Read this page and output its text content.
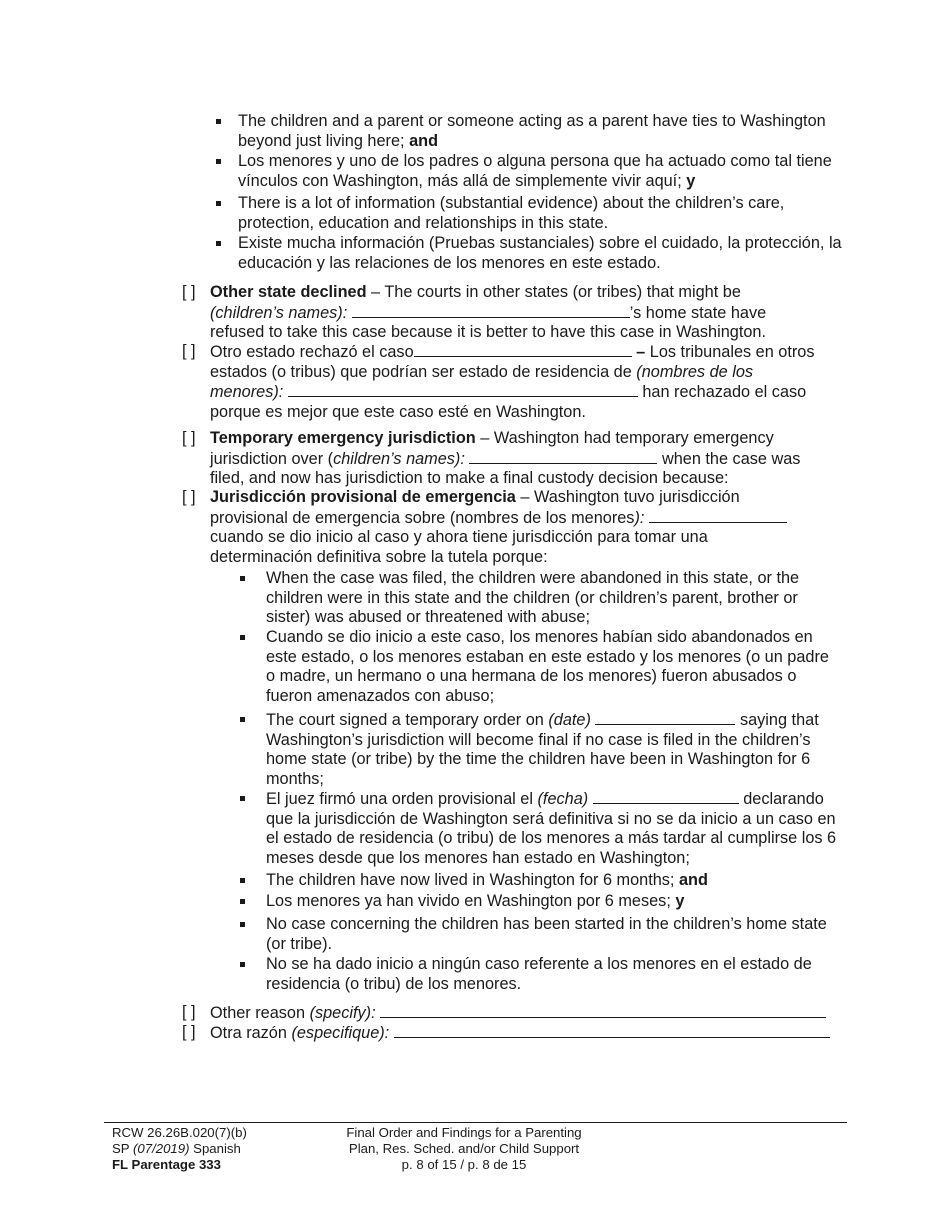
The children and a parent or someone acting as a parent have ties to Washington beyond just living here; and
Los menores y uno de los padres o alguna persona que ha actuado como tal tiene vínculos con Washington, más allá de simplemente vivir aquí; y
There is a lot of information (substantial evidence) about the children’s care, protection, education and relationships in this state.
Existe mucha información (Pruebas sustanciales) sobre el cuidado, la protección, la educación y las relaciones de los menores en este estado.
[ ] Other state declined – The courts in other states (or tribes) that might be
(children’s names):	’s home state have
refused to take this case because it is better to have this case in Washington.
[ ] Otro estado rechazó el caso	– Los tribunales en otros
estados (o tribus) que podrían ser estado de residencia de (nombres de los
menores):	han rechazado el caso
porque es mejor que este caso esté en Washington.
[ ] Temporary emergency jurisdiction – Washington had temporary emergency
jurisdiction over (children’s names):	when the case was
filed, and now has jurisdiction to make a final custody decision because:
[ ] Jurisdicción provisional de emergencia – Washington tuvo jurisdicción
provisional de emergencia sobre (nombres de los menores):
cuando se dio inicio al caso y ahora tiene jurisdicción para tomar una
determinación definitiva sobre la tutela porque:
When the case was filed, the children were abandoned in this state, or the children were in this state and the children (or children’s parent, brother or sister) was abused or threatened with abuse;
Cuando se dio inicio a este caso, los menores habían sido abandonados en este estado, o los menores estaban en este estado y los menores (o un padre o madre, un hermano o una hermana de los menores) fueron abusados o fueron amenazados con abuso;
The court signed a temporary order on (date)	saying that Washington’s jurisdiction will become final if no case is filed in the children’s home state (or tribe) by the time the children have been in Washington for 6 months;
El juez firmó una orden provisional el (fecha)	declarando que la jurisdicción de Washington será definitiva si no se da inicio a un caso en el estado de residencia (o tribu) de los menores a más tardar al cumplirse los 6 meses desde que los menores han estado en Washington;
The children have now lived in Washington for 6 months; and
Los menores ya han vivido en Washington por 6 meses; y
No case concerning the children has been started in the children’s home state (or tribe).
No se ha dado inicio a ningún caso referente a los menores en el estado de residencia (o tribu) de los menores.
[ ] Other reason (specify):
[ ] Otra razón (especifique):
RCW 26.26B.020(7)(b)
SP (07/2019) Spanish
FL Parentage 333
Final Order and Findings for a Parenting
Plan, Res. Sched. and/or Child Support
p. 8 of 15 / p. 8 de 15
